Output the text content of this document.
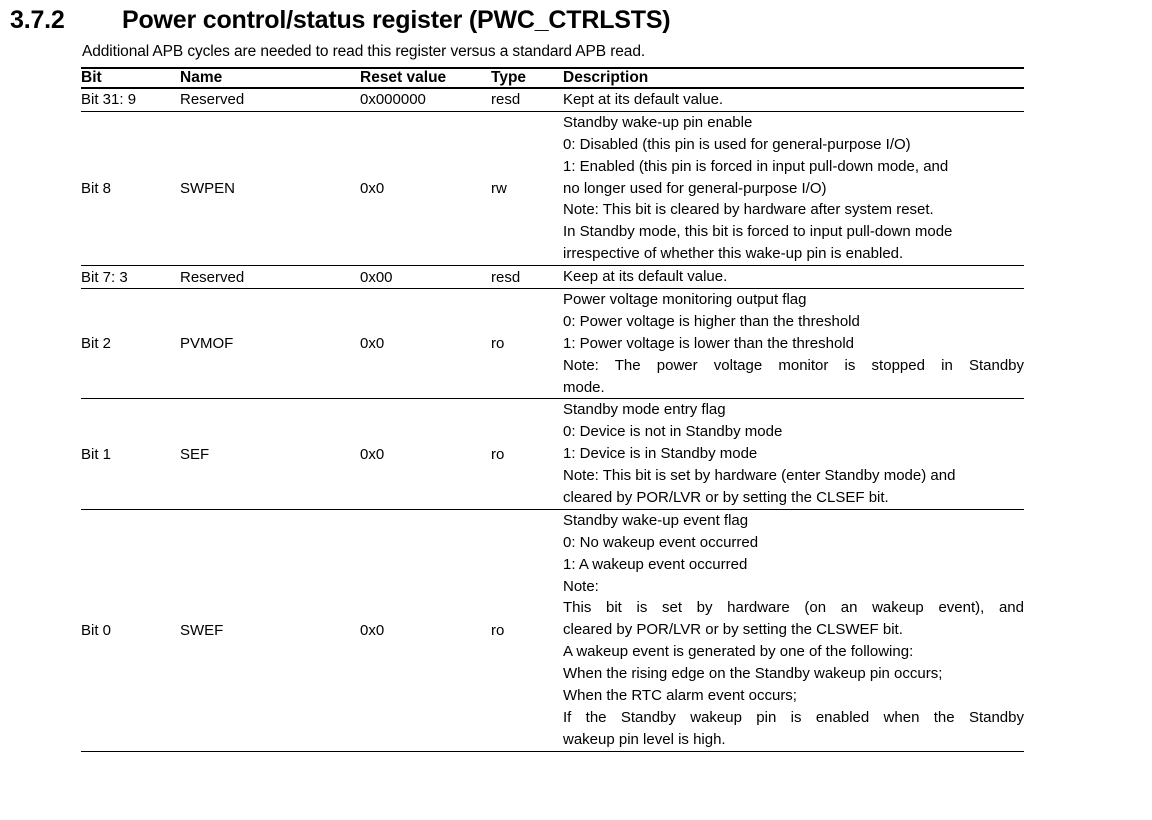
3.7.2	Power control/status register (PWC_CTRLSTS)
Additional APB cycles are needed to read this register versus a standard APB read.
Bit	Name	Reset value	Type	Description
Bit 31: 9	Reserved	0x000000	resd	Kept at its default value.

Bit 8	SWPEN	0x0	rw	
Standby wake-up pin enable
0: Disabled (this pin is used for general-purpose I/O)
1: Enabled (this pin is forced in input pull-down mode, and
no longer used for general-purpose I/O)
Note: This bit is cleared by hardware after system reset.
In Standby mode, this bit is forced to input pull-down mode
irrespective of whether this wake-up pin is enabled.

Bit 7: 3	Reserved	0x00	resd	Keep at its default value.

Bit 2	PVMOF	0x0	ro	Power voltage monitoring output flag
0: Power voltage is higher than the threshold
1: Power voltage is lower than the threshold
Note: The power voltage monitor is stopped in Standby
mode.

Bit 1	SEF	0x0	ro	Standby mode entry flag
0: Device is not in Standby mode
1: Device is in Standby mode
Note: This bit is set by hardware (enter Standby mode) and
cleared by POR/LVR or by setting the CLSEF bit.

Bit 0	SWEF	0x0	ro	
Standby wake-up event flag
0: No wakeup event occurred
1: A wakeup event occurred
Note:
This bit is set by hardware (on an wakeup event), and
cleared by POR/LVR or by setting the CLSWEF bit.
A wakeup event is generated by one of the following:
When the rising edge on the Standby wakeup pin occurs;
When the RTC alarm event occurs;
If the Standby wakeup pin is enabled when the Standby
wakeup pin level is high.
